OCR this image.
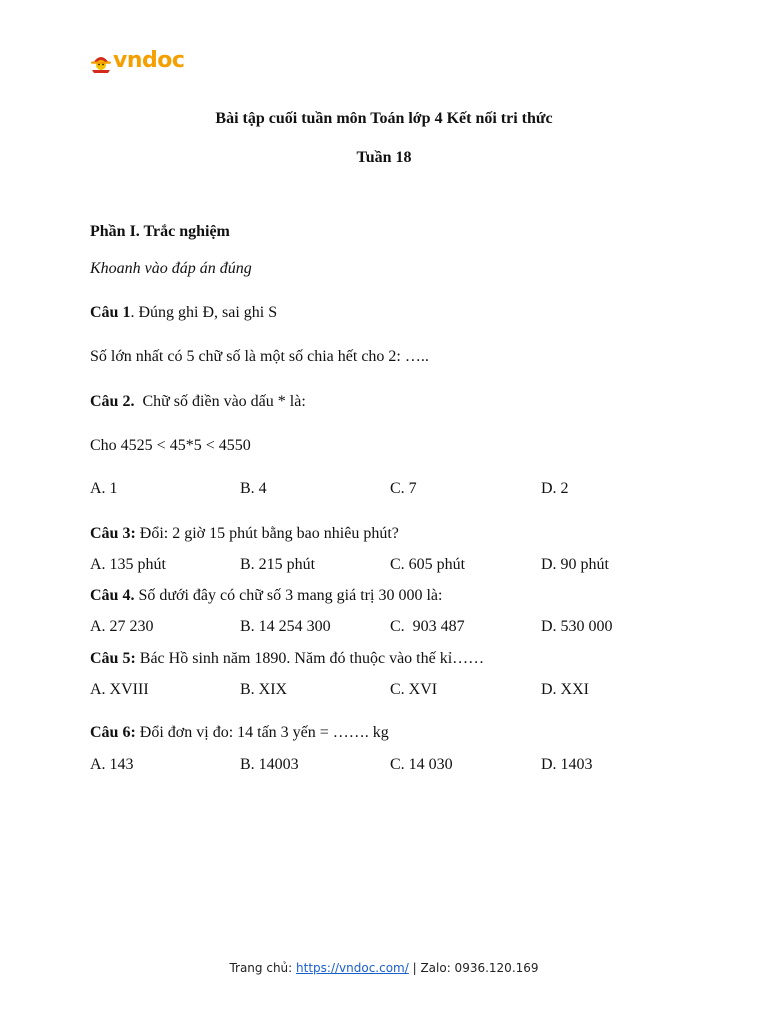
vndoc
Bài tập cuối tuần môn Toán lớp 4 Kết nối tri thức
Tuần 18
Phần I. Trắc nghiệm
Khoanh vào đáp án đúng
Câu 1. Đúng ghi Đ, sai ghi S
Số lớn nhất có 5 chữ số là một số chia hết cho 2: …..
Câu 2.  Chữ số điền vào dấu * là:
Cho 4525 < 45*5 < 4550
A. 1	B. 4	C. 7	D. 2
Câu 3: Đổi: 2 giờ 15 phút bằng bao nhiêu phút?
A. 135 phút	B. 215 phút	C. 605 phút	D. 90 phút
Câu 4. Số dưới đây có chữ số 3 mang giá trị 30 000 là:
A. 27 230	B. 14 254 300	C.  903 487	D. 530 000
Câu 5: Bác Hồ sinh năm 1890. Năm đó thuộc vào thế kỉ……
A. XVIII	B. XIX	C. XVI	D. XXI
Câu 6: Đổi đơn vị đo: 14 tấn 3 yến = ……. kg
A. 143	B. 14003	C. 14 030	D. 1403
Trang chủ: https://vndoc.com/ | Zalo: 0936.120.169
